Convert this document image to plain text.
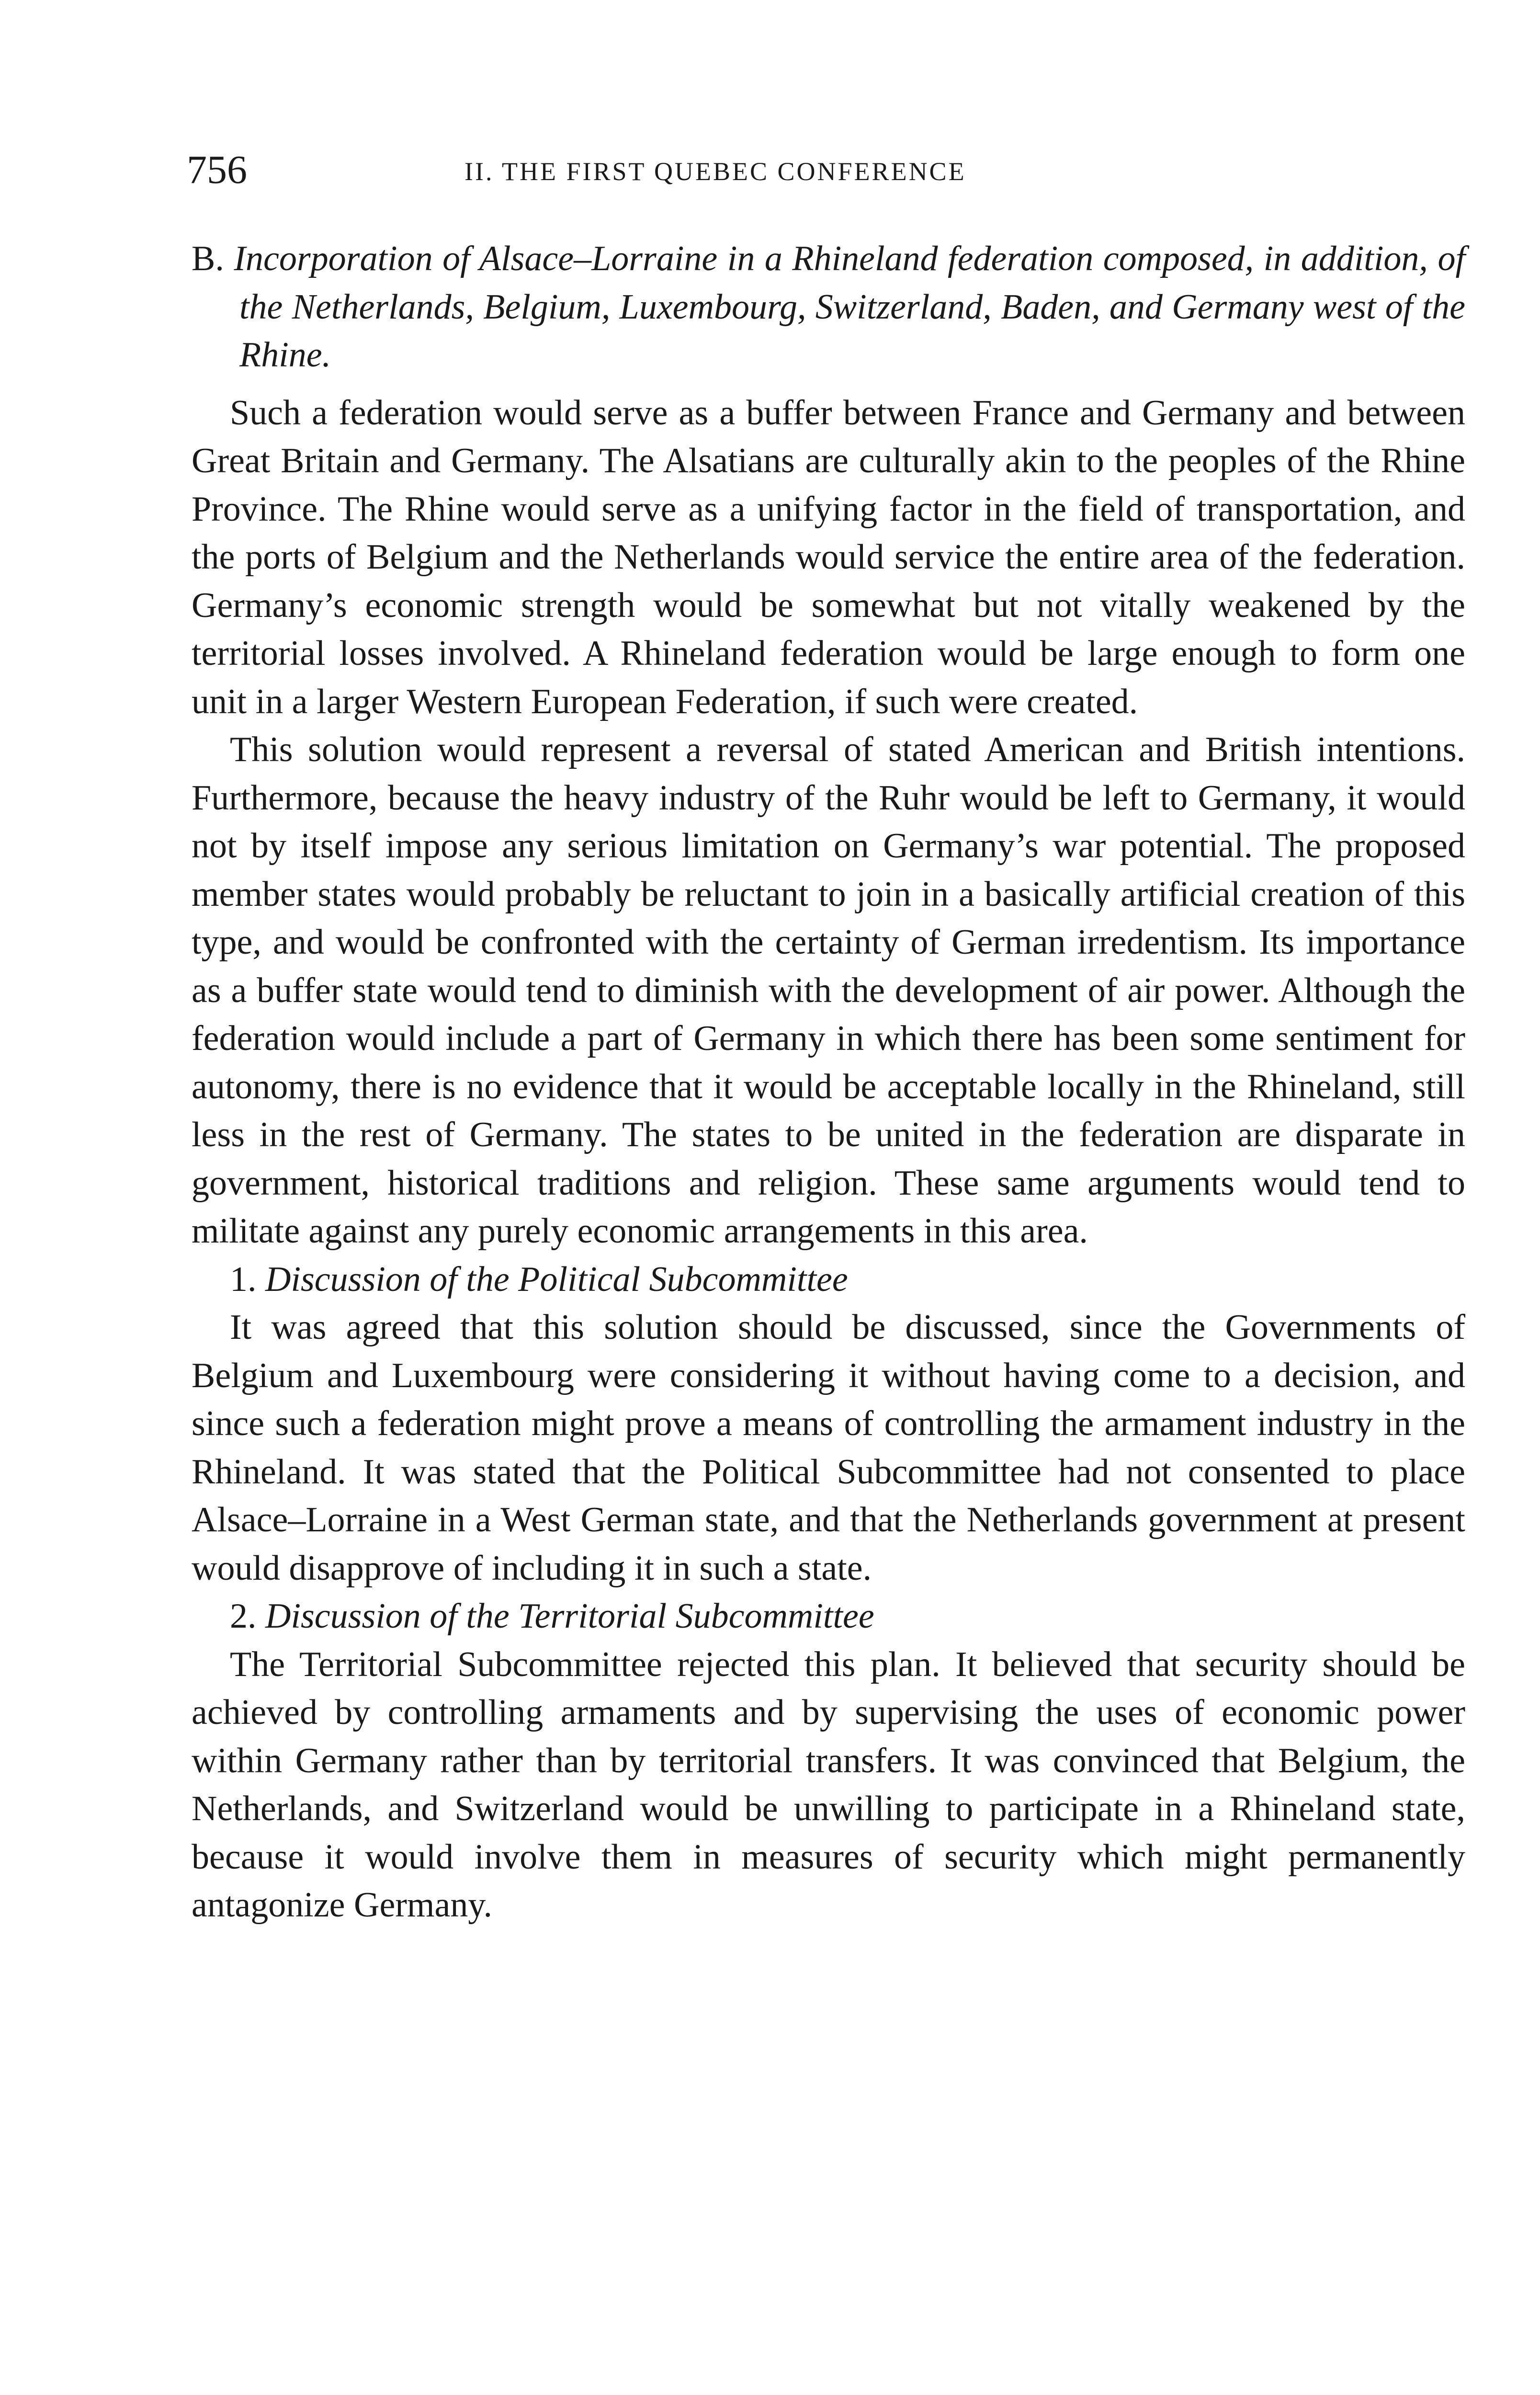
756	II. THE FIRST QUEBEC CONFERENCE

B. Incorporation of Alsace–Lorraine in a Rhineland federation composed, in addition, of the Netherlands, Belgium, Luxembourg, Switzerland, Baden, and Germany west of the Rhine.

Such a federation would serve as a buffer between France and Germany and between Great Britain and Germany. The Alsatians are culturally akin to the peoples of the Rhine Province. The Rhine would serve as a unifying factor in the field of transportation, and the ports of Belgium and the Netherlands would service the entire area of the federation. Germany’s economic strength would be somewhat but not vitally weakened by the territorial losses involved. A Rhineland federation would be large enough to form one unit in a larger Western European Federation, if such were created.

This solution would represent a reversal of stated American and British intentions. Furthermore, because the heavy industry of the Ruhr would be left to Germany, it would not by itself impose any serious limitation on Germany’s war potential. The proposed member states would probably be reluctant to join in a basically artificial creation of this type, and would be confronted with the certainty of German irredentism. Its importance as a buffer state would tend to diminish with the development of air power. Although the federation would include a part of Germany in which there has been some sentiment for autonomy, there is no evidence that it would be acceptable locally in the Rhineland, still less in the rest of Germany. The states to be united in the federation are disparate in government, historical traditions and religion. These same arguments would tend to militate against any purely economic arrangements in this area.

1. Discussion of the Political Subcommittee

It was agreed that this solution should be discussed, since the Governments of Belgium and Luxembourg were considering it without having come to a decision, and since such a federation might prove a means of controlling the armament industry in the Rhineland. It was stated that the Political Subcommittee had not consented to place Alsace–Lorraine in a West German state, and that the Netherlands government at present would disapprove of including it in such a state.

2. Discussion of the Territorial Subcommittee

The Territorial Subcommittee rejected this plan. It believed that security should be achieved by controlling armaments and by supervising the uses of economic power within Germany rather than by territorial transfers. It was convinced that Belgium, the Netherlands, and Switzerland would be unwilling to participate in a Rhineland state, because it would involve them in measures of security which might permanently antagonize Germany.
